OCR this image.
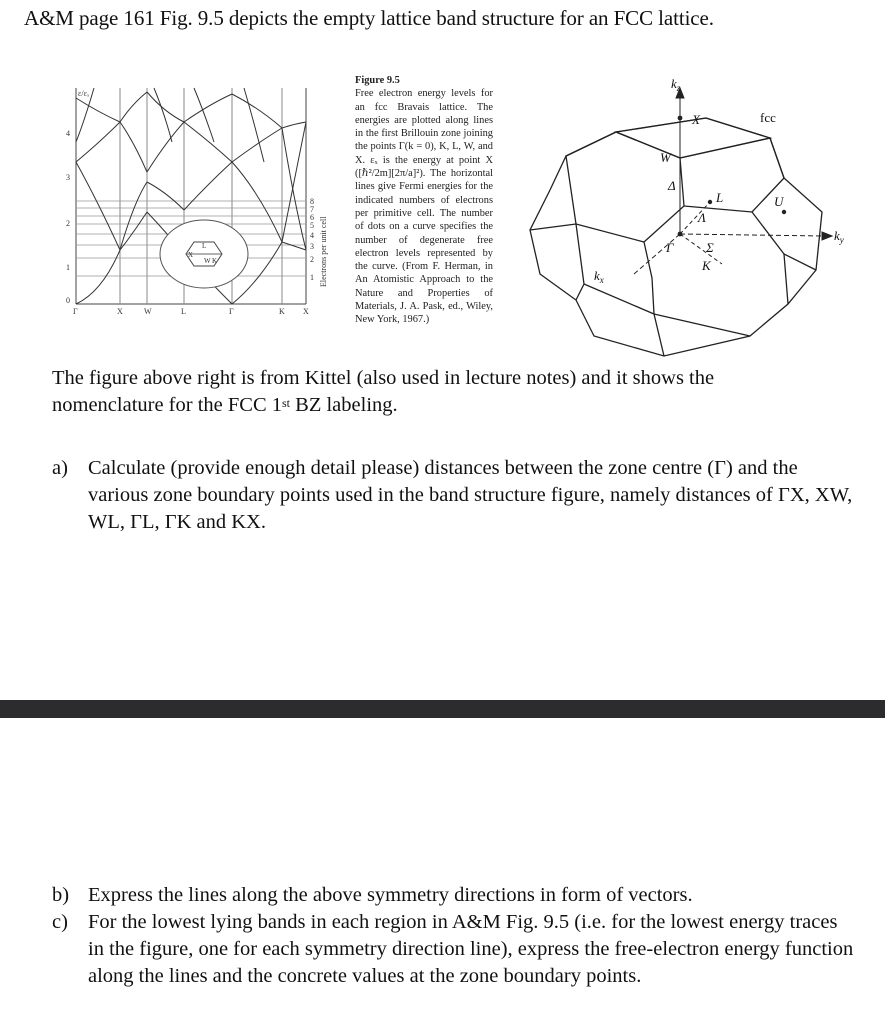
A&M page 161 Fig. 9.5 depicts the empty lattice band structure for an FCC lattice.
ε/εₓ
4
3
2
1
0
Γ	X	W	L	Γ	K X
8
7
6
5
4
3
2
1 Electrons per unit cell
L
X
W K
Figure 9.5
Free electron energy levels for an fcc Bravais lattice. The energies are plotted along lines in the first Brillouin zone joining the points Γ(k = 0), K, L, W, and X. εₓ is the energy at point X ([ℏ²/2m][2π/a]²). The horizontal lines give Fermi energies for the indicated numbers of electrons per primitive cell. The number of dots on a curve specifies the number of degenerate free electron levels represented by the curve. (From F. Herman, in An Atomistic Approach to the Nature and Properties of Materials, J. A. Pask, ed., Wiley, New York, 1967.)
$k_z$
$k_y$
$k_x$
X
W
Δ
L
Λ
U
Γ	Σ
K
fcc
The figure above right is from Kittel (also used in lecture notes) and it shows the
nomenclature for the FCC 1st BZ labeling.
a) Calculate (provide enough detail please) distances between the zone centre (Γ) and the various zone boundary points used in the band structure figure, namely distances of ΓX, XW, WL, ΓL, ΓK and KX.
b) Express the lines along the above symmetry directions in form of vectors.
c) For the lowest lying bands in each region in A&M Fig. 9.5 (i.e. for the lowest energy traces in the figure, one for each symmetry direction line), express the free-electron energy function along the lines and the concrete values at the zone boundary points.
